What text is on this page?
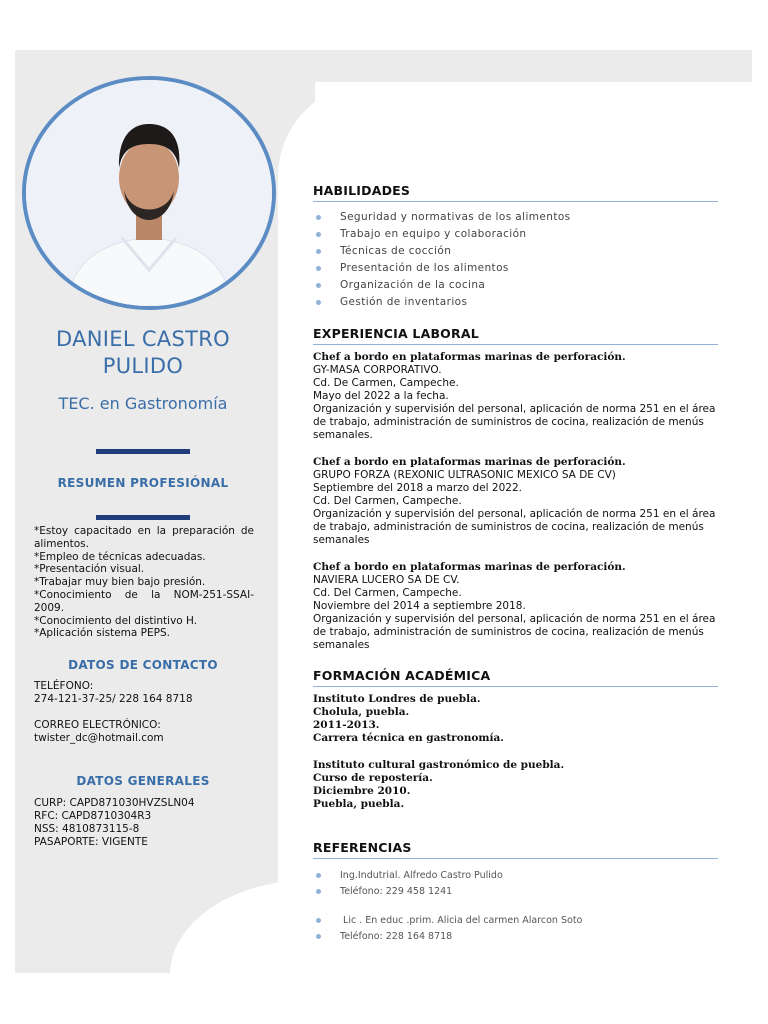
DANIEL CASTRO PULIDO

TEC. en Gastronomía

RESUMEN PROFESIÓNAL
*Estoy capacitado en la preparación de alimentos.
*Empleo de técnicas adecuadas.
*Presentación visual.
*Trabajar muy bien bajo presión.
*Conocimiento de la NOM-251-SSAI-2009.
*Conocimiento del distintivo H.
*Aplicación sistema PEPS.
DATOS DE CONTACTO
TELÉFONO:
274-121-37-25/ 228 164 8718
CORREO ELECTRÓNICO:
twister_dc@hotmail.com
DATOS GENERALES
CURP: CAPD871030HVZSLN04
RFC: CAPD8710304R3
NSS: 4810873115-8
PASAPORTE: VIGENTE
HABILIDADES
Seguridad y normativas de los alimentos
Trabajo en equipo y colaboración
Técnicas de cocción
Presentación de los alimentos
Organización de la cocina
Gestión de inventarios
EXPERIENCIA LABORAL
Chef a bordo en plataformas marinas de perforación.
GY-MASA CORPORATIVO.
Cd. De Carmen, Campeche.
Mayo del 2022 a la fecha.
Organización y supervisión del personal, aplicación de norma 251 en el área de trabajo, administración de suministros de cocina, realización de menús semanales.
Chef a bordo en plataformas marinas de perforación.
GRUPO FORZA (REXONIC ULTRASONIC MEXICO SA DE CV)
Septiembre del 2018 a marzo del 2022.
Cd. Del Carmen, Campeche.
Organización y supervisión del personal, aplicación de norma 251 en el área de trabajo, administración de suministros de cocina, realización de menús semanales
Chef a bordo en plataformas marinas de perforación.
NAVIERA LUCERO SA DE CV.
Cd. Del Carmen, Campeche.
Noviembre del 2014 a septiembre 2018.
Organización y supervisión del personal, aplicación de norma 251 en el área de trabajo, administración de suministros de cocina, realización de menús semanales
FORMACIÓN ACADÉMICA
Instituto Londres de puebla.
Cholula, puebla.
2011-2013.
Carrera técnica en gastronomía.
Instituto cultural gastronómico de puebla.
Curso de repostería.
Diciembre 2010.
Puebla, puebla.
REFERENCIAS
Ing.Indutrial. Alfredo Castro Pulido
Teléfono: 229 458 1241
Lic . En educ .prim. Alicia del carmen Alarcon Soto
Teléfono: 228 164 8718
